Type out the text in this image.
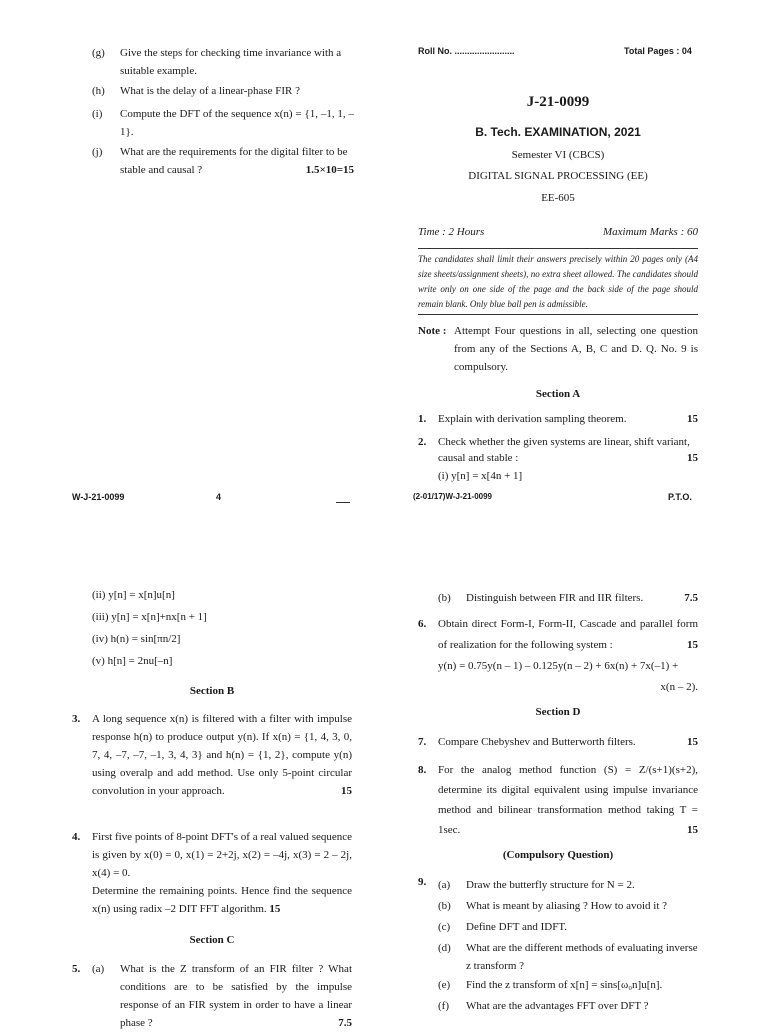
(g) Give the steps for checking time invariance with a suitable example.
(h) What is the delay of a linear-phase FIR ?
(i) Compute the DFT of the sequence x(n) = {1, –1, 1, –1}.
(j) What are the requirements for the digital filter to be stable and causal ?	1.5×10=15
W-J-21-0099	4
Roll No. ........................	Total Pages : 04
J-21-0099
B. Tech. EXAMINATION, 2021
Semester VI (CBCS)
DIGITAL SIGNAL PROCESSING (EE)
EE-605
Time : 2 Hours	Maximum Marks : 60
The candidates shall limit their answers precisely within 20 pages only (A4 size sheets/assignment sheets), no extra sheet allowed. The candidates should write only on one side of the page and the back side of the page should remain blank. Only blue ball pen is admissible.
Note : Attempt Four questions in all, selecting one question from any of the Sections A, B, C and D. Q. No. 9 is compulsory.
Section A
1. Explain with derivation sampling theorem.	15
2. Check whether the given systems are linear, shift variant, causal and stable :	15
(i) y[n] = x[4n + 1]
(2-01/17)W-J-21-0099	P.T.O.
(ii) y[n] = x[n]u[n]
(iii) y[n] = x[n]+nx[n + 1]
(iv) h(n) = sin[πn/2]
(v) h[n] = 2nu[–n]
Section B
3. A long sequence x(n) is filtered with a filter with impulse response h(n) to produce output y(n). If x(n) = {1, 4, 3, 0, 7, 4, –7, –7, –1, 3, 4, 3} and h(n) = {1, 2}, compute y(n) using overalp and add method. Use only 5-point circular convolution in your approach.	15
4. First five points of 8-point DFT's of a real valued sequence is given by x(0) = 0, x(1) = 2+2j, x(2) = –4j, x(3) = 2 – 2j, x(4) = 0.
Determine the remaining points. Hence find the sequence x(n) using radix –2 DIT FFT algorithm. 15
Section C
5. (a) What is the Z transform of an FIR filter ? What conditions are to be satisfied by the impulse response of an FIR system in order to have a linear phase ?	7.5
(b) Distinguish between FIR and IIR filters.	7.5
6. Obtain direct Form-I, Form-II, Cascade and parallel form of realization for the following system :	15
y(n) = 0.75y(n – 1) – 0.125y(n – 2) + 6x(n) + 7x(–1) +
x(n – 2).
Section D
7. Compare Chebyshev and Butterworth filters.	15
8. For the analog method function (S) = Z/(s+1)(s+2), determine its digital equivalent using impulse invariance method and bilinear transformation method taking T = 1sec.	15
(Compulsory Question)
9. (a) Draw the butterfly structure for N = 2.
(b) What is meant by aliasing ? How to avoid it ?
(c) Define DFT and IDFT.
(d) What are the different methods of evaluating inverse z transform ?
(e) Find the z transform of x[n] = sins[ω₀n]u[n].
(f) What are the advantages FFT over DFT ?
